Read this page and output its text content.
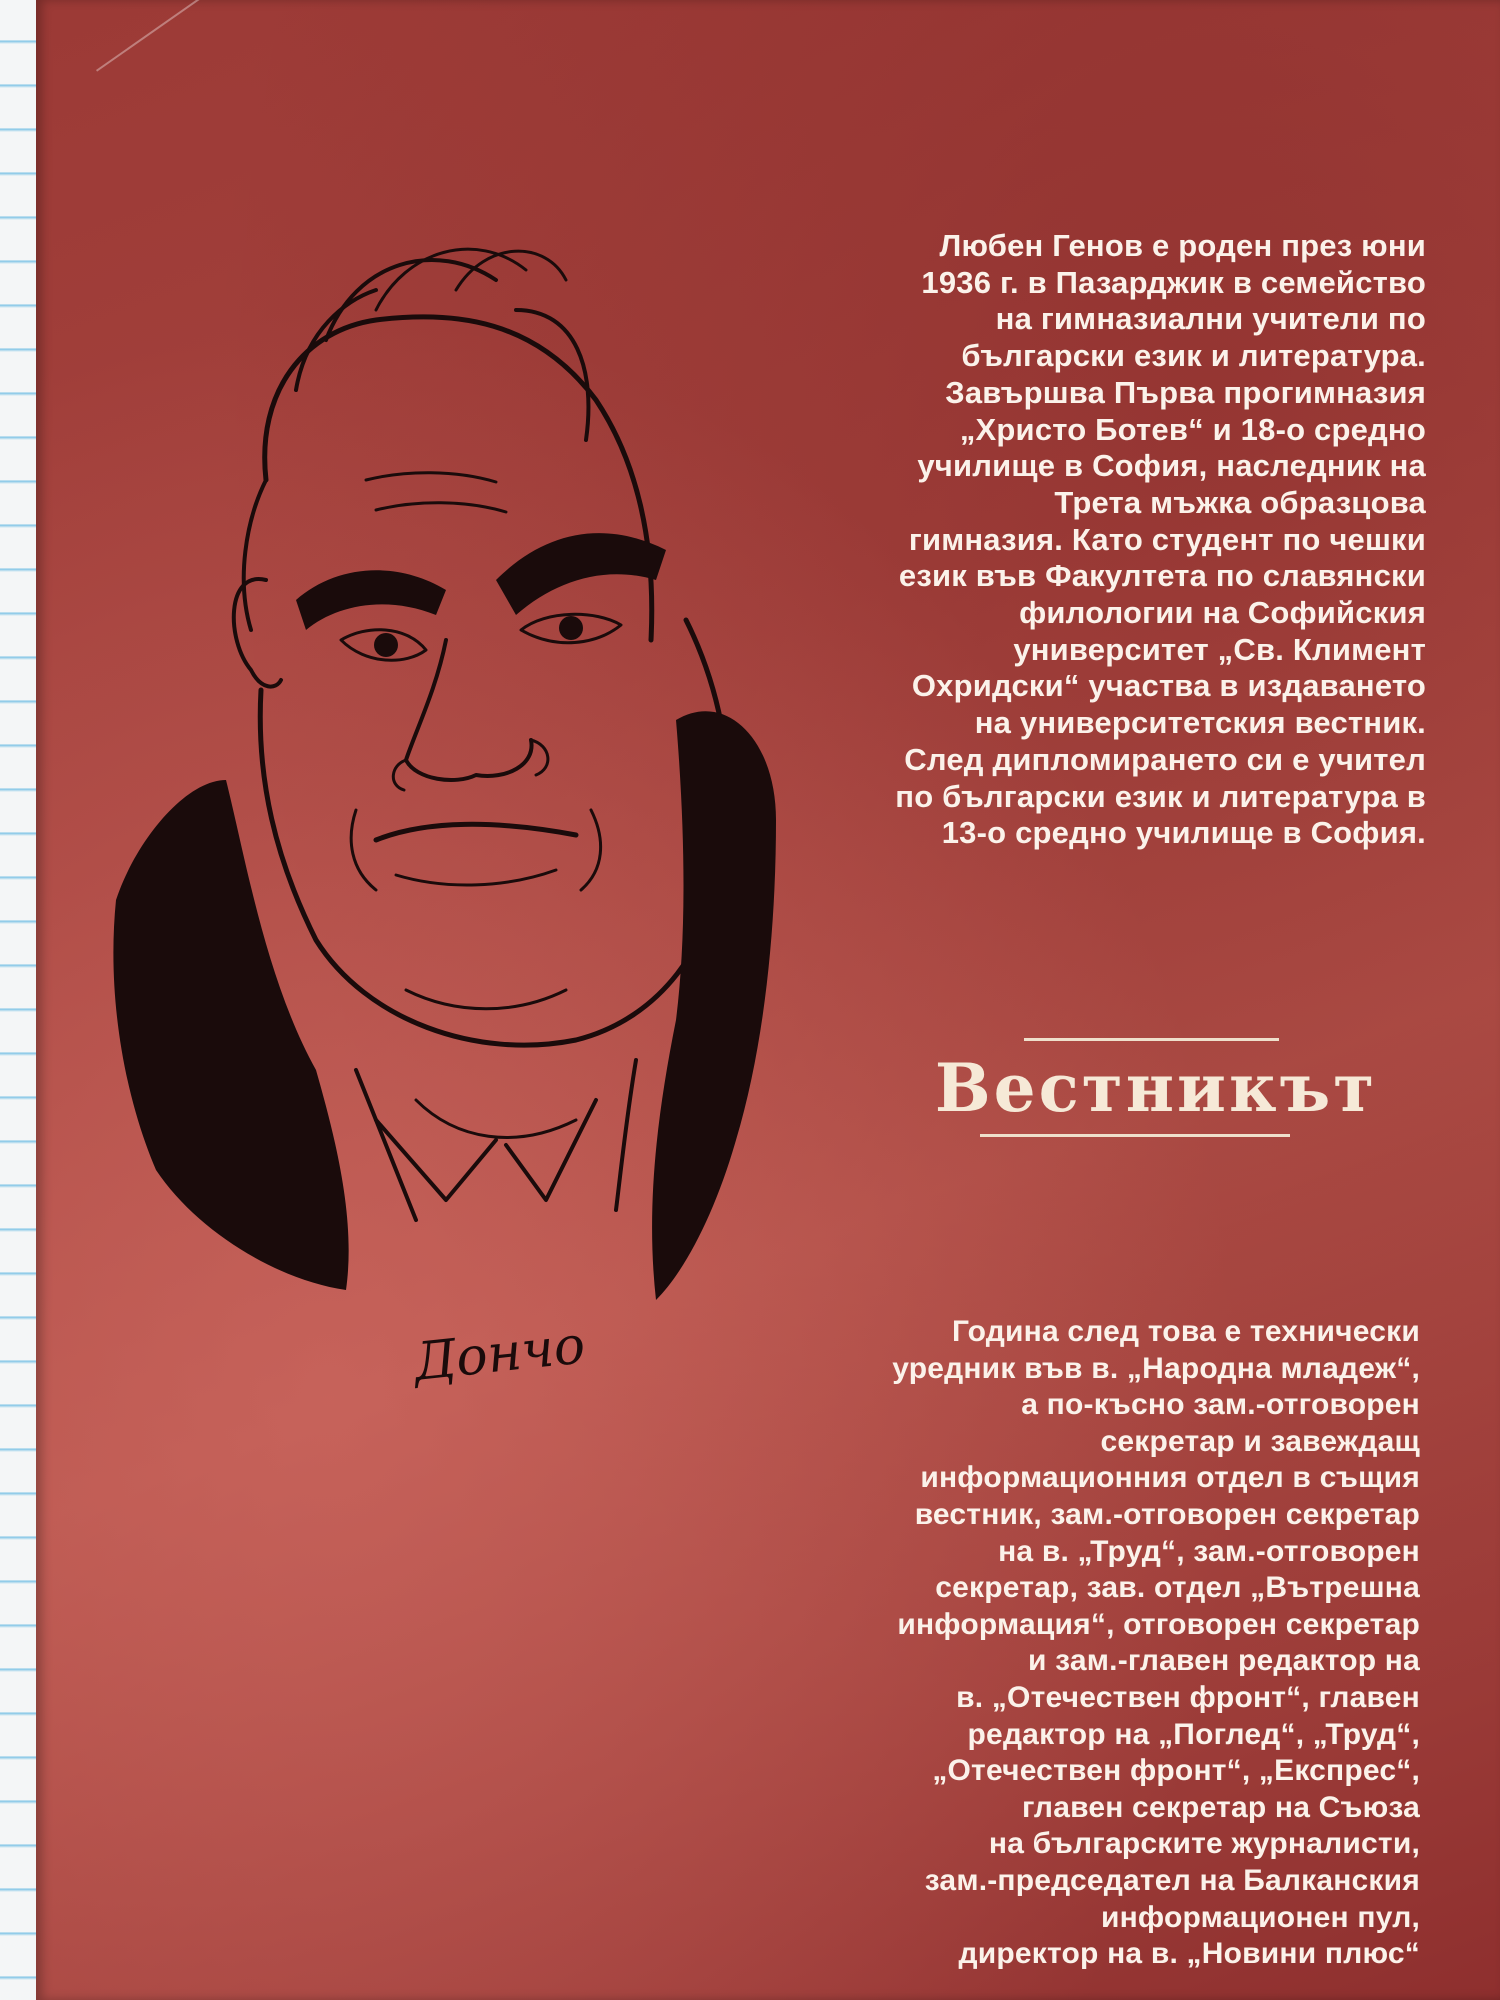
Дончо
Любен Генов е роден през юни
1936 г. в Пазарджик в семейство
на гимназиални учители по
български език и литература.
Завършва Първа прогимназия
„Христо Ботев“ и 18-о средно
училище в София, наследник на
Трета мъжка образцова
гимназия. Като студент по чешки
език във Факултета по славянски
филологии на Софийския
университет „Св. Климент
Охридски“ участва в издаването
на университетския вестник.
След дипломирането си е учител
по български език и литература в
13-о средно училище в София.
Вестникът
Година след това е технически
уредник във в. „Народна младеж“,
а по-късно зам.-отговорен
секретар и завеждащ
информационния отдел в същия
вестник, зам.-отговорен секретар
на в. „Труд“, зам.-отговорен
секретар, зав. отдел „Вътрешна
информация“, отговорен секретар
и зам.-главен редактор на
в. „Отечествен фронт“, главен
редактор на „Поглед“, „Труд“,
„Отечествен фронт“, „Експрес“,
главен секретар на Съюза
на българските журналисти,
зам.-председател на Балканския
информационен пул,
директор на в. „Новини плюс“
